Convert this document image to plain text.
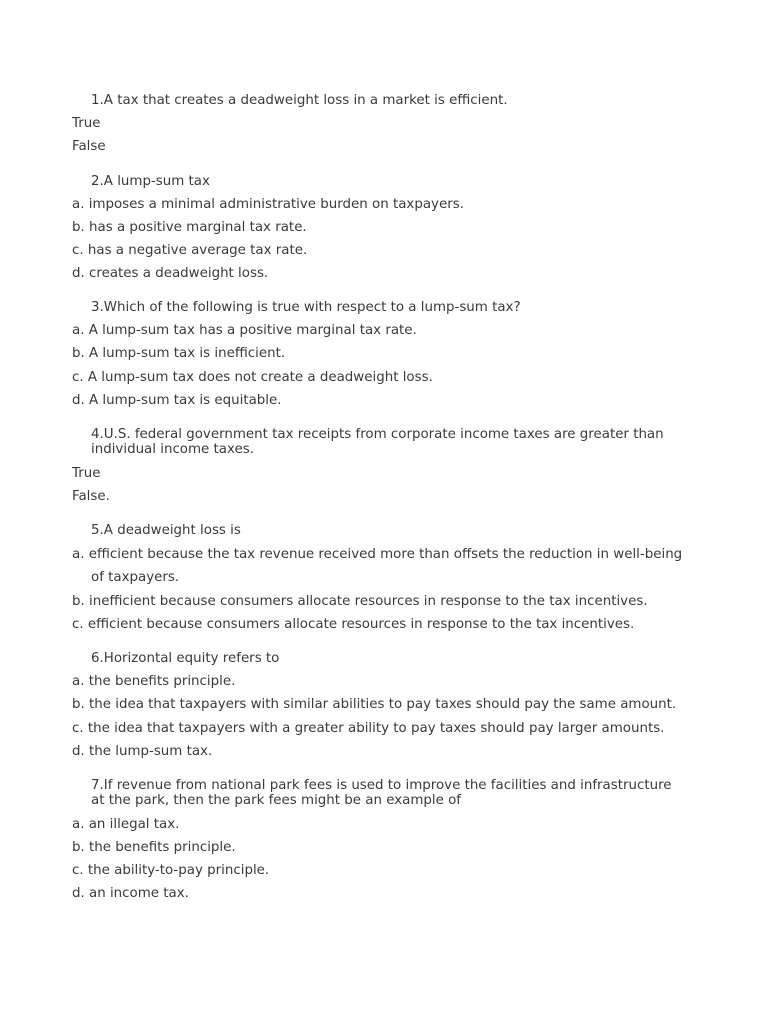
1.A tax that creates a deadweight loss in a market is efficient.
True
False
2.A lump-sum tax
a. imposes a minimal administrative burden on taxpayers.
b. has a positive marginal tax rate.
c. has a negative average tax rate.
d. creates a deadweight loss.
3.Which of the following is true with respect to a lump-sum tax?
a. A lump-sum tax has a positive marginal tax rate.
b. A lump-sum tax is inefficient.
c. A lump-sum tax does not create a deadweight loss.
d. A lump-sum tax is equitable.
4.U.S. federal government tax receipts from corporate income taxes are greater than
individual income taxes.
True
False.
5.A deadweight loss is
a. efficient because the tax revenue received more than offsets the reduction in well-being
of taxpayers.
b. inefficient because consumers allocate resources in response to the tax incentives.
c. efficient because consumers allocate resources in response to the tax incentives.
6.Horizontal equity refers to
a. the benefits principle.
b. the idea that taxpayers with similar abilities to pay taxes should pay the same amount.
c. the idea that taxpayers with a greater ability to pay taxes should pay larger amounts.
d. the lump-sum tax.
7.If revenue from national park fees is used to improve the facilities and infrastructure
at the park, then the park fees might be an example of
a. an illegal tax.
b. the benefits principle.
c. the ability-to-pay principle.
d. an income tax.
